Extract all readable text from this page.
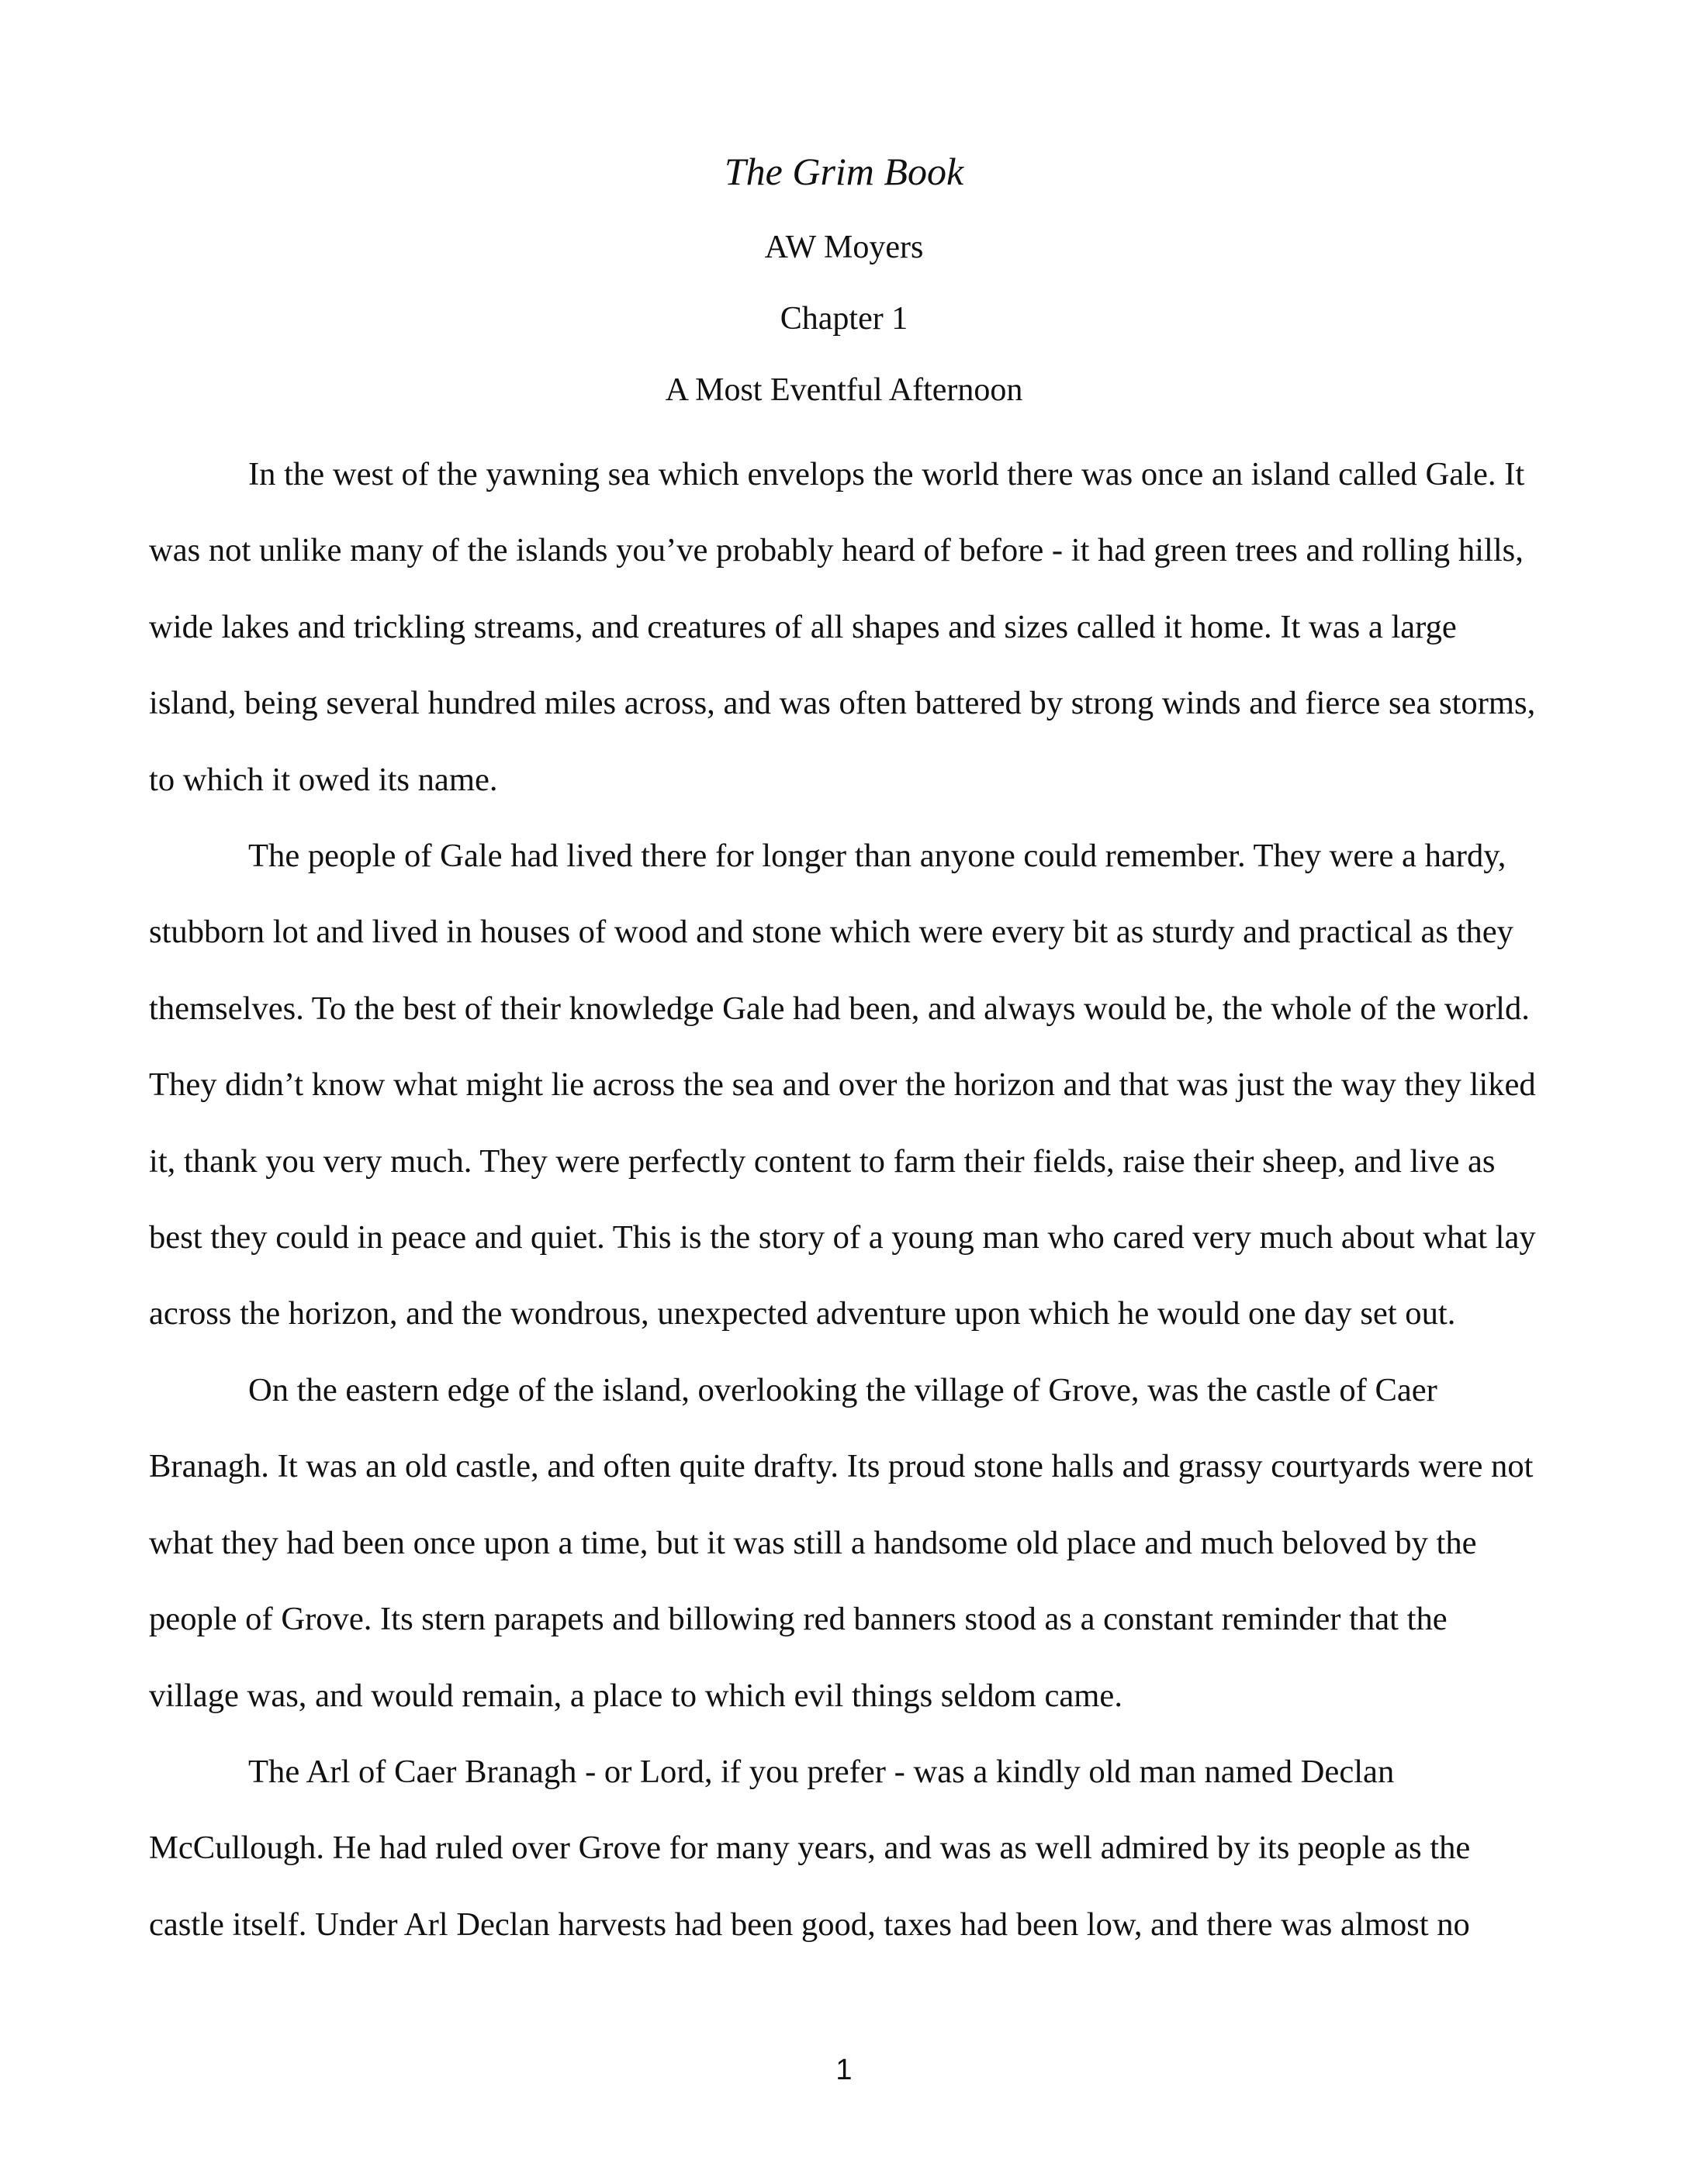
The Grim Book
AW Moyers
Chapter 1
A Most Eventful Afternoon

In the west of the yawning sea which envelops the world there was once an island called Gale. It was not unlike many of the islands you’ve probably heard of before - it had green trees and rolling hills, wide lakes and trickling streams, and creatures of all shapes and sizes called it home. It was a large island, being several hundred miles across, and was often battered by strong winds and fierce sea storms, to which it owed its name.

The people of Gale had lived there for longer than anyone could remember. They were a hardy, stubborn lot and lived in houses of wood and stone which were every bit as sturdy and practical as they themselves. To the best of their knowledge Gale had been, and always would be, the whole of the world. They didn’t know what might lie across the sea and over the horizon and that was just the way they liked it, thank you very much. They were perfectly content to farm their fields, raise their sheep, and live as best they could in peace and quiet. This is the story of a young man who cared very much about what lay across the horizon, and the wondrous, unexpected adventure upon which he would one day set out.

On the eastern edge of the island, overlooking the village of Grove, was the castle of Caer Branagh. It was an old castle, and often quite drafty. Its proud stone halls and grassy courtyards were not what they had been once upon a time, but it was still a handsome old place and much beloved by the people of Grove. Its stern parapets and billowing red banners stood as a constant reminder that the village was, and would remain, a place to which evil things seldom came.

The Arl of Caer Branagh - or Lord, if you prefer - was a kindly old man named Declan McCullough. He had ruled over Grove for many years, and was as well admired by its people as the castle itself. Under Arl Declan harvests had been good, taxes had been low, and there was almost no

1
